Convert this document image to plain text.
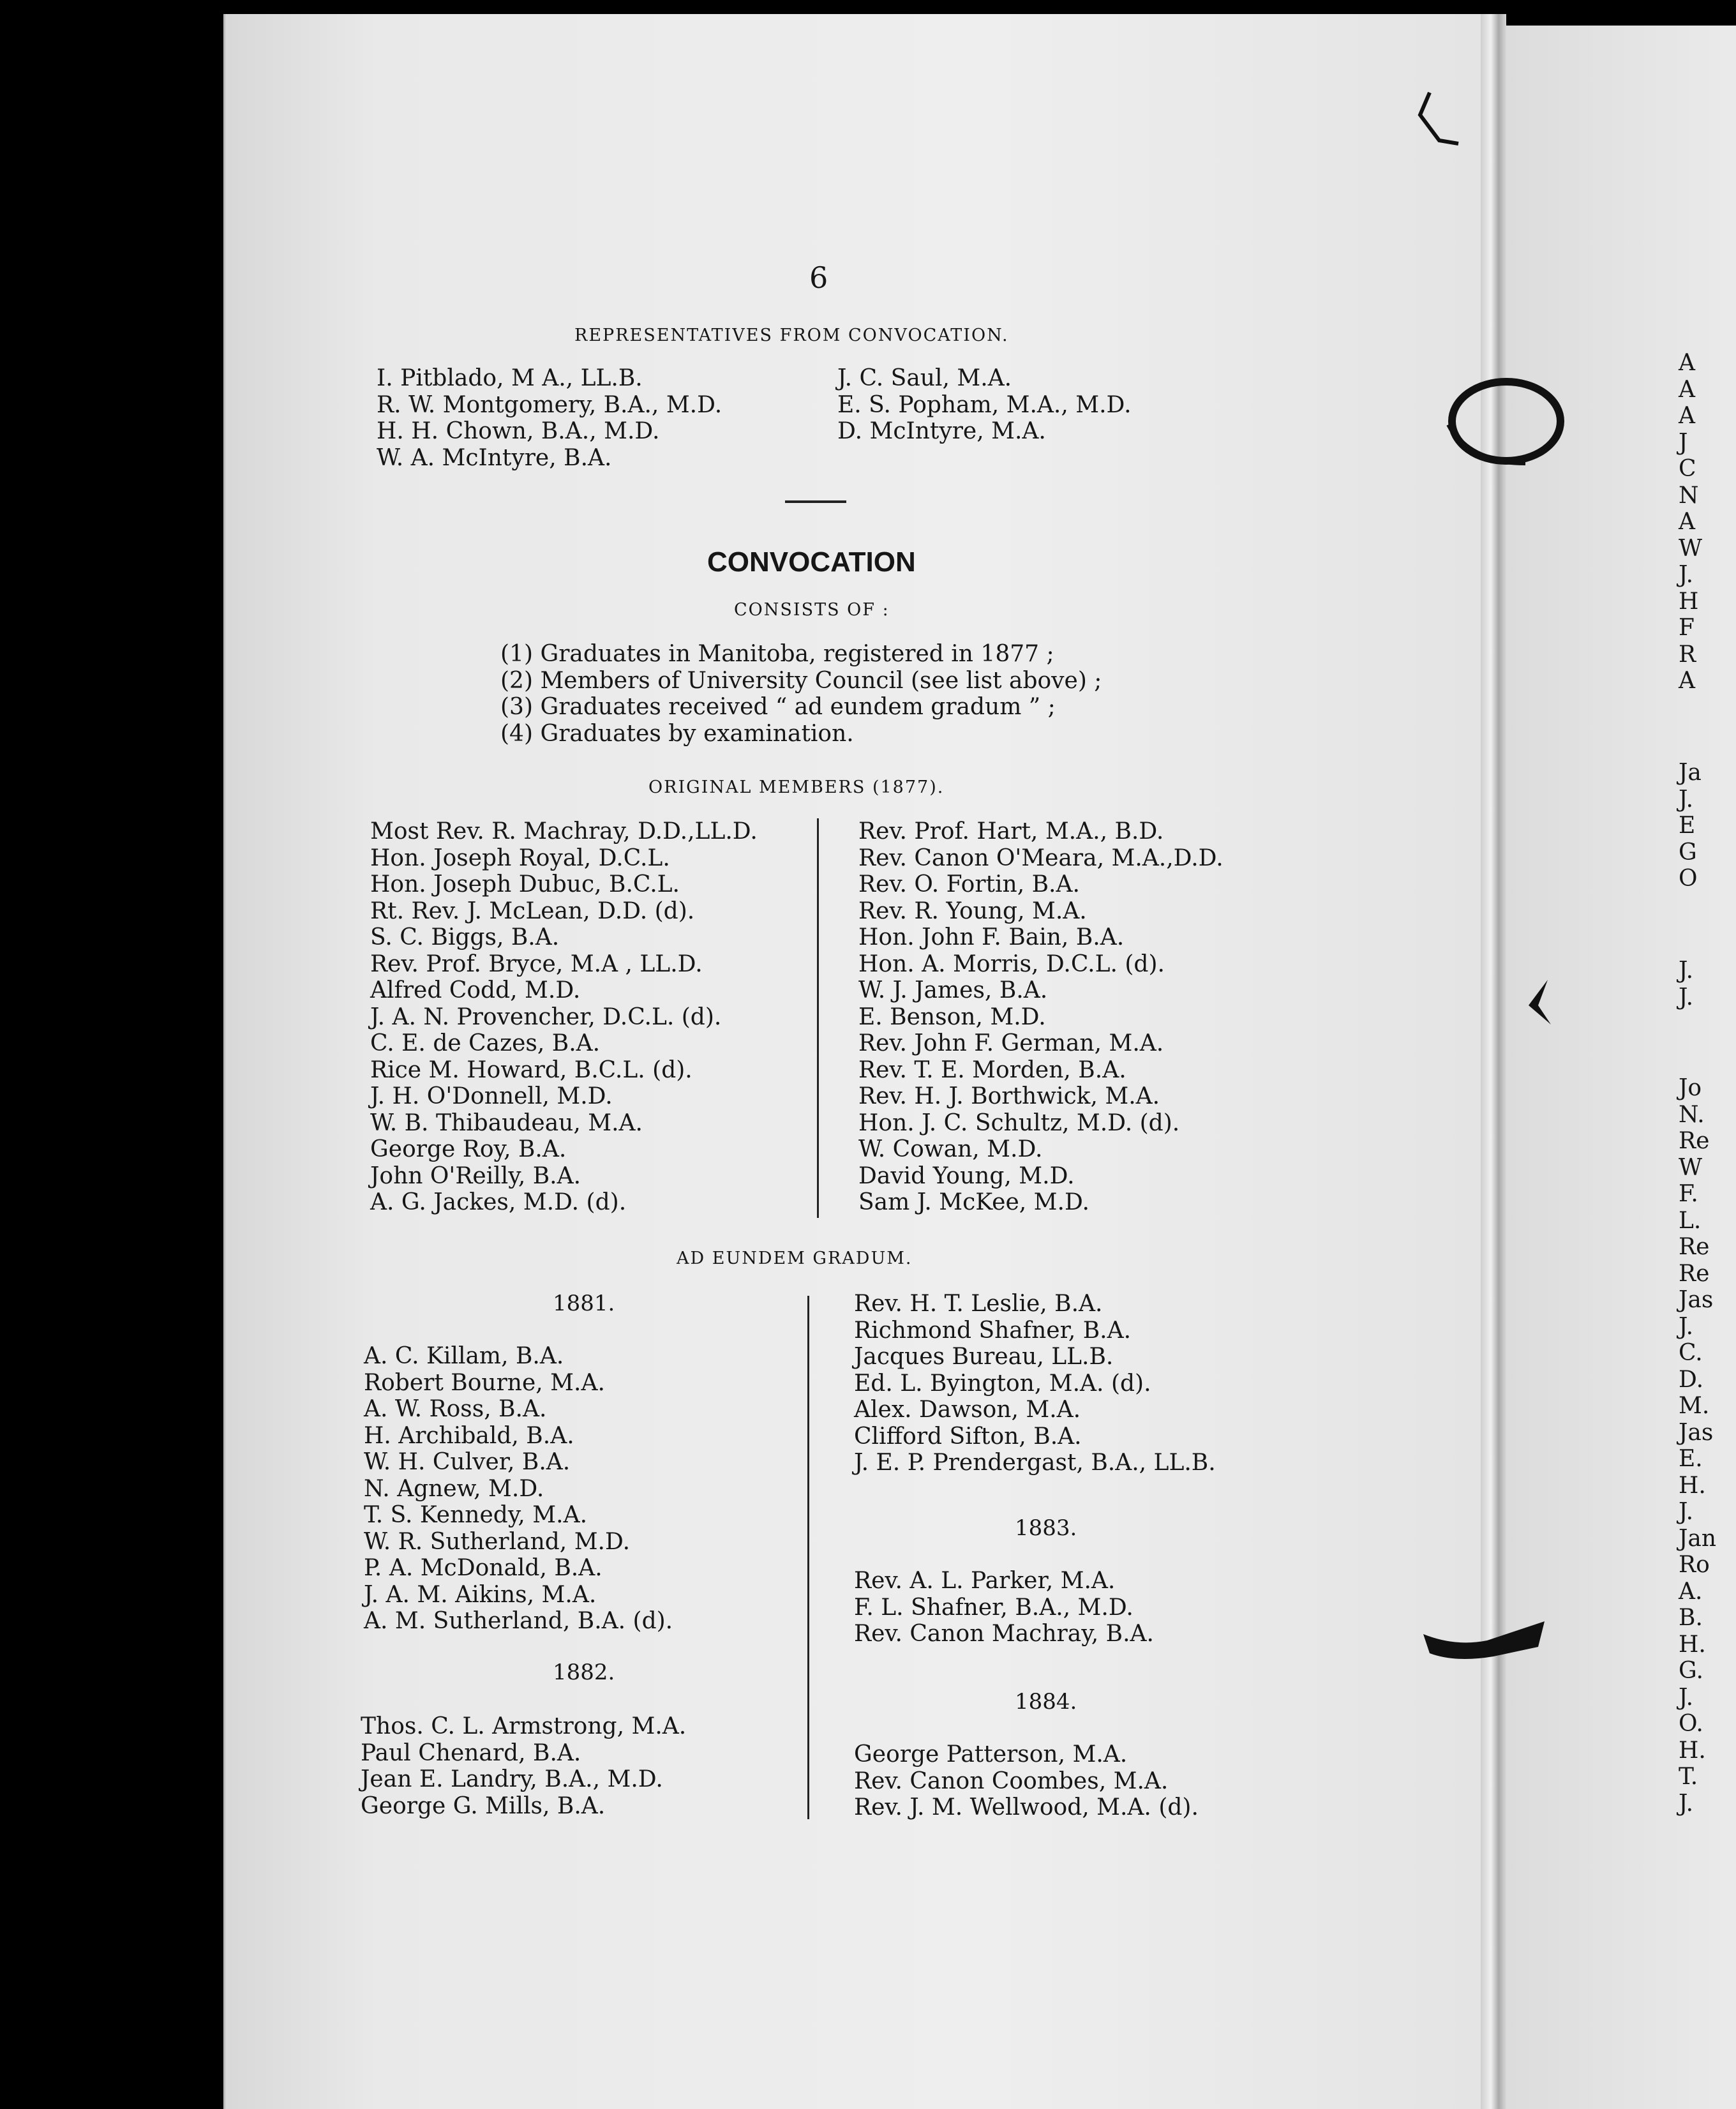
6
REPRESENTATIVES FROM CONVOCATION.
I. Pitblado, M A., LL.B.
R. W. Montgomery, B.A., M.D.
H. H. Chown, B.A., M.D.
W. A. McIntyre, B.A.
J. C. Saul, M.A.
E. S. Popham, M.A., M.D.
D. McIntyre, M.A.
CONVOCATION
CONSISTS OF :
(1) Graduates in Manitoba, registered in 1877 ;
(2) Members of University Council (see list above) ;
(3) Graduates received “ ad eundem gradum ” ;
(4) Graduates by examination.
ORIGINAL MEMBERS (1877).
Most Rev. R. Machray, D.D.,LL.D.
Hon. Joseph Royal, D.C.L.
Hon. Joseph Dubuc, B.C.L.
Rt. Rev. J. McLean, D.D. (d).
S. C. Biggs, B.A.
Rev. Prof. Bryce, M.A , LL.D.
Alfred Codd, M.D.
J. A. N. Provencher, D.C.L. (d).
C. E. de Cazes, B.A.
Rice M. Howard, B.C.L. (d).
J. H. O'Donnell, M.D.
W. B. Thibaudeau, M.A.
George Roy, B.A.
John O'Reilly, B.A.
A. G. Jackes, M.D. (d).
Rev. Prof. Hart, M.A., B.D.
Rev. Canon O'Meara, M.A.,D.D.
Rev. O. Fortin, B.A.
Rev. R. Young, M.A.
Hon. John F. Bain, B.A.
Hon. A. Morris, D.C.L. (d).
W. J. James, B.A.
E. Benson, M.D.
Rev. John F. German, M.A.
Rev. T. E. Morden, B.A.
Rev. H. J. Borthwick, M.A.
Hon. J. C. Schultz, M.D. (d).
W. Cowan, M.D.
David Young, M.D.
Sam J. McKee, M.D.
AD EUNDEM GRADUM.
1881.
A. C. Killam, B.A.
Robert Bourne, M.A.
A. W. Ross, B.A.
H. Archibald, B.A.
W. H. Culver, B.A.
N. Agnew, M.D.
T. S. Kennedy, M.A.
W. R. Sutherland, M.D.
P. A. McDonald, B.A.
J. A. M. Aikins, M.A.
A. M. Sutherland, B.A. (d).
1882.
Thos. C. L. Armstrong, M.A.
Paul Chenard, B.A.
Jean E. Landry, B.A., M.D.
George G. Mills, B.A.
Rev. H. T. Leslie, B.A.
Richmond Shafner, B.A.
Jacques Bureau, LL.B.
Ed. L. Byington, M.A. (d).
Alex. Dawson, M.A.
Clifford Sifton, B.A.
J. E. P. Prendergast, B.A., LL.B.
1883.
Rev. A. L. Parker, M.A.
F. L. Shafner, B.A., M.D.
Rev. Canon Machray, B.A.
1884.
George Patterson, M.A.
Rev. Canon Coombes, M.A.
Rev. J. M. Wellwood, M.A. (d).
A
A
A
J
C
N
A
W
J.
H
F
R
A
Ja
J.
E
G
O
J.
J.
Jo
N.
Re
W
F.
L.
Re
Re
Jas
J.
C.
D.
M.
Jas
E.
H.
J.
Jan
Ro
A.
B.
H.
G.
J.
O.
H.
T.
J.
